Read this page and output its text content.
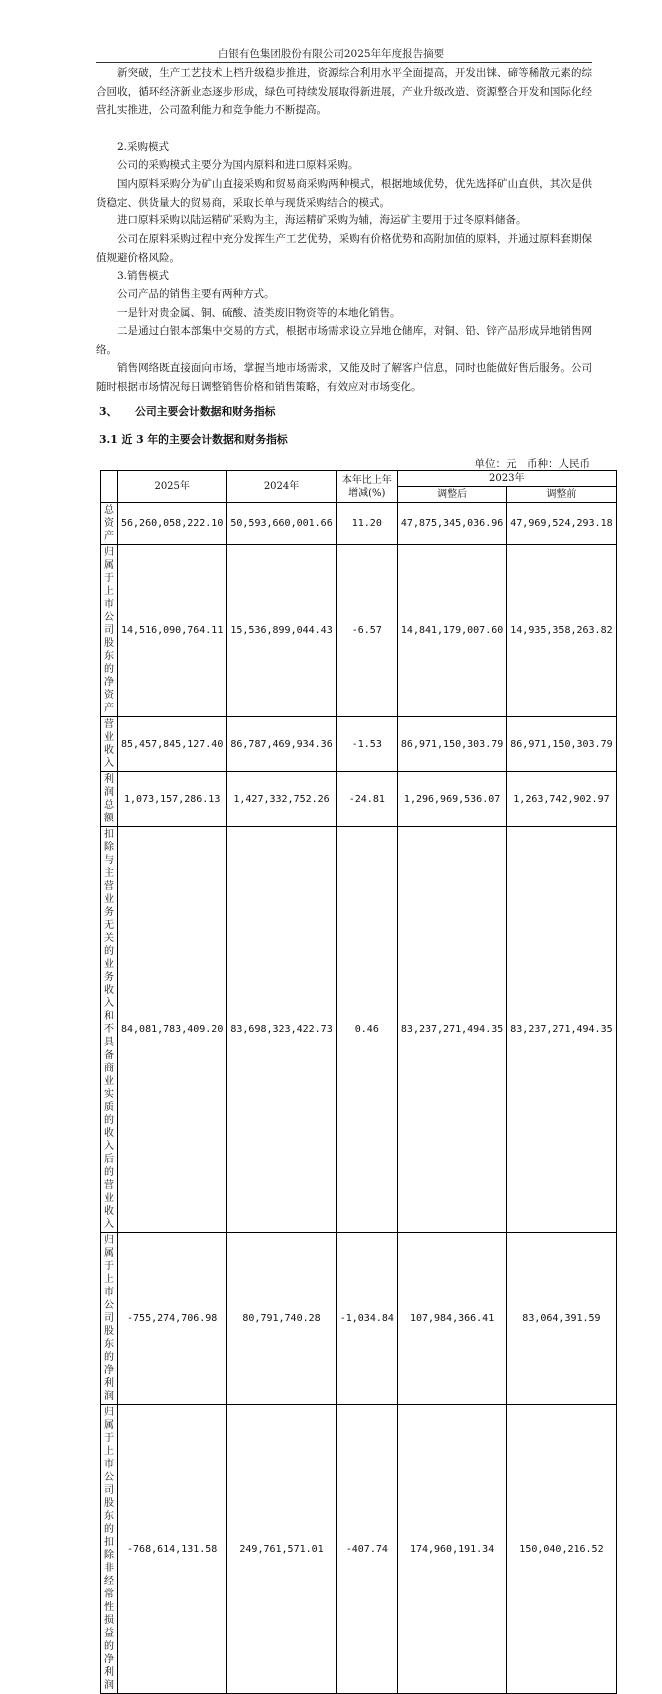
白银有色集团股份有限公司2025年年度报告摘要

新突破，生产工艺技术上档升级稳步推进，资源综合利用水平全面提高，开发出铼、碲等稀散元素的综合回收，循环经济新业态逐步形成，绿色可持续发展取得新进展，产业升级改造、资源整合开发和国际化经营扎实推进，公司盈利能力和竞争能力不断提高。

2.采购模式

公司的采购模式主要分为国内原料和进口原料采购。

国内原料采购分为矿山直接采购和贸易商采购两种模式，根据地域优势，优先选择矿山直供，其次是供货稳定、供货量大的贸易商，采取长单与现货采购结合的模式。

进口原料采购以陆运精矿采购为主，海运精矿采购为辅，海运矿主要用于过冬原料储备。

公司在原料采购过程中充分发挥生产工艺优势，采购有价格优势和高附加值的原料，并通过原料套期保值规避价格风险。

3.销售模式

公司产品的销售主要有两种方式。

一是针对贵金属、铜、硫酸、渣类废旧物资等的本地化销售。

二是通过白银本部集中交易的方式，根据市场需求设立异地仓储库，对铜、铅、锌产品形成异地销售网络。

销售网络既直接面向市场，掌握当地市场需求，又能及时了解客户信息，同时也能做好售后服务。公司随时根据市场情况每日调整销售价格和销售策略，有效应对市场变化。

3、 公司主要会计数据和财务指标
3.1 近 3 年的主要会计数据和财务指标
单位：元　币种：人民币
	2025年	2024年	本年比上年增减(%)	2023年	
				调整后	调整前
总资产	56,260,058,222.10	50,593,660,001.66	11.20	47,875,345,036.96	47,969,524,293.18
归属于上市公司股东的净资产	14,516,090,764.11	15,536,899,044.43	-6.57	14,841,179,007.60	14,935,358,263.82
营业收入	85,457,845,127.40	86,787,469,934.36	-1.53	86,971,150,303.79	86,971,150,303.79
利润总额	1,073,157,286.13	1,427,332,752.26	-24.81	1,296,969,536.07	1,263,742,902.97
扣除与主营业务无关的业务收入和不具备商业实质的收入后的营业收入	84,081,783,409.20	83,698,323,422.73	0.46	83,237,271,494.35	83,237,271,494.35
归属于上市公司股东的净利润	-755,274,706.98	80,791,740.28	-1,034.84	107,984,366.41	83,064,391.59
归属于上市公司股东的扣除非经常性损益的净利润	-768,614,131.58	249,761,571.01	-407.74	174,960,191.34	150,040,216.52
